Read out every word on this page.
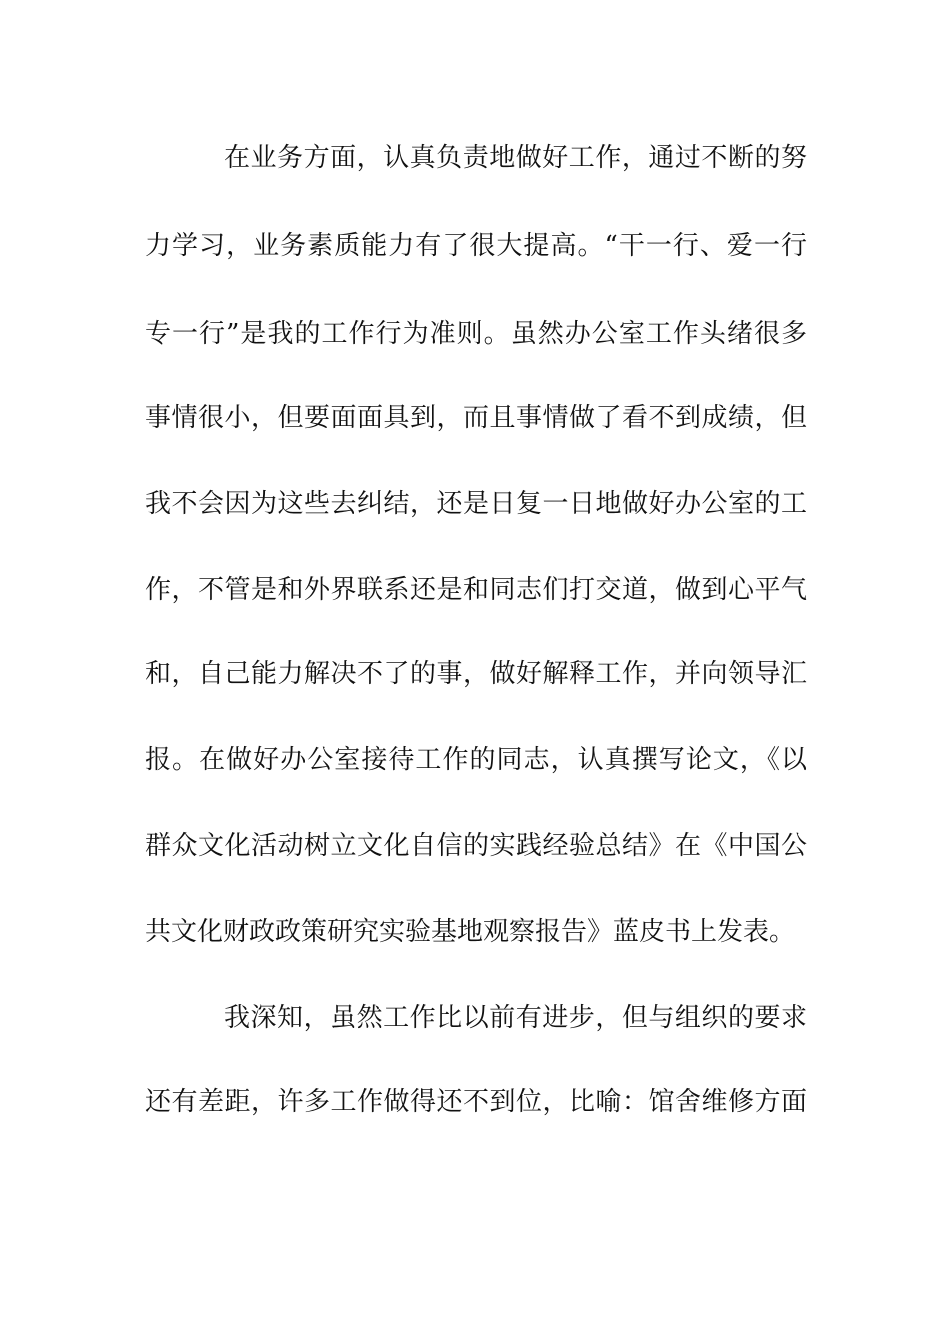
在业务方面，认真负责地做好工作，通过不断的努
力学习，业务素质能力有了很大提高。“干一行、爱一行
专一行”是我的工作行为准则。虽然办公室工作头绪很多
事情很小，但要面面具到，而且事情做了看不到成绩，但
我不会因为这些去纠结，还是日复一日地做好办公室的工
作，不管是和外界联系还是和同志们打交道，做到心平气
和，自己能力解决不了的事，做好解释工作，并向领导汇
报。在做好办公室接待工作的同志，认真撰写论文，《以
群众文化活动树立文化自信的实践经验总结》在《中国公
共文化财政政策研究实验基地观察报告》蓝皮书上发表。
我深知，虽然工作比以前有进步，但与组织的要求
还有差距，许多工作做得还不到位，比喻：馆舍维修方面
